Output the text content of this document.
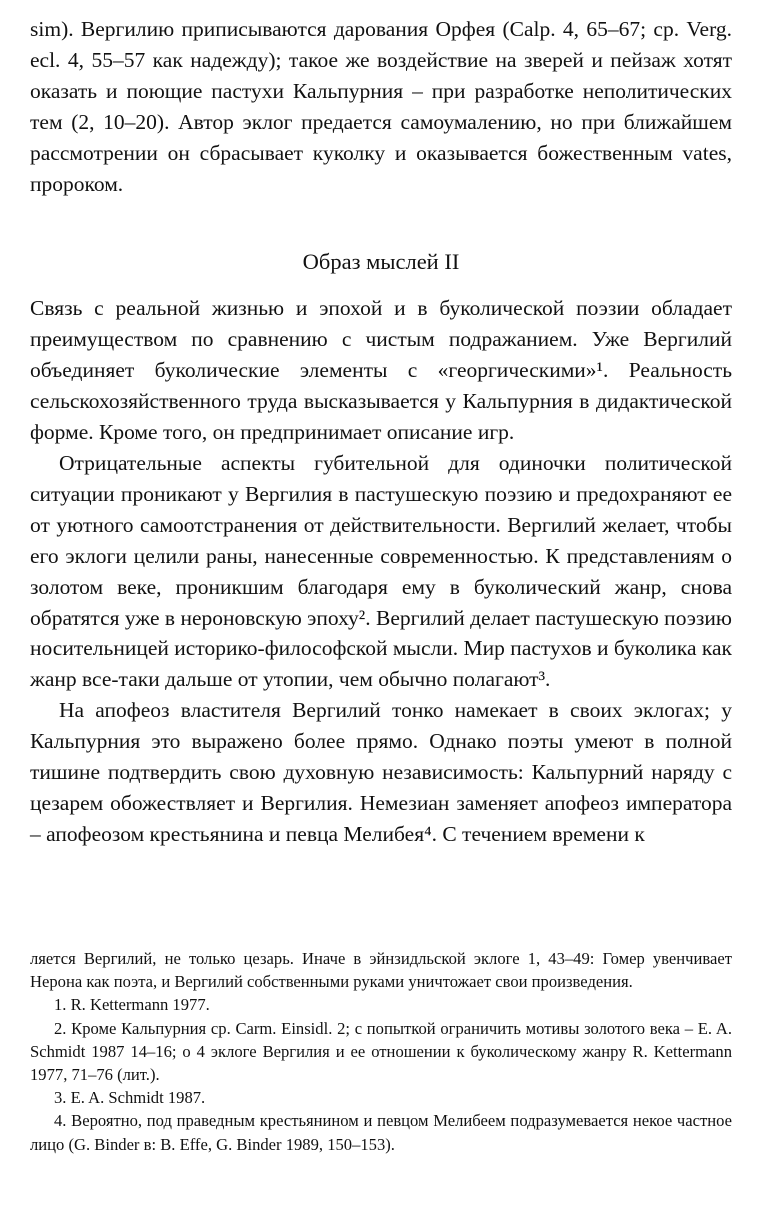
sim). Вергилию приписываются дарования Орфея (Calp. 4, 65–67; ср. Verg. ecl. 4, 55–57 как надежду); такое же воздействие на зверей и пейзаж хотят оказать и поющие пастухи Кальпурния – при разработке неполитических тем (2, 10–20). Автор эклог предается самоумалению, но при ближайшем рассмотрении он сбрасывает куколку и оказывается божественным vates, пророком.

Образ мыслей II

Связь с реальной жизнью и эпохой и в буколической поэзии обладает преимуществом по сравнению с чистым подражанием. Уже Вергилий объединяет буколические элементы с «георгическими»¹. Реальность сельскохозяйственного труда высказывается у Кальпурния в дидактической форме. Кроме того, он предпринимает описание игр.

Отрицательные аспекты губительной для одиночки политической ситуации проникают у Вергилия в пастушескую поэзию и предохраняют ее от уютного самоотстранения от действительности. Вергилий желает, чтобы его эклоги целили раны, нанесенные современностью. К представлениям о золотом веке, проникшим благодаря ему в буколический жанр, снова обратятся уже в нероновскую эпоху². Вергилий делает пастушескую поэзию носительницей историко-философской мысли. Мир пастухов и буколика как жанр все-таки дальше от утопии, чем обычно полагают³.

На апофеоз властителя Вергилий тонко намекает в своих эклогах; у Кальпурния это выражено более прямо. Однако поэты умеют в полной тишине подтвердить свою духовную независимость: Кальпурний наряду с цезарем обожествляет и Вергилия. Немезиан заменяет апофеоз императора – апофеозом крестьянина и певца Мелибея⁴. С течением времени к

ляется Вергилий, не только цезарь. Иначе в эйнзидльской эклоге 1, 43–49: Гомер увенчивает Нерона как поэта, и Вергилий собственными руками уничтожает свои произведения.

1. R. Kettermann 1977.

2. Кроме Кальпурния ср. Carm. Einsidl. 2; с попыткой ограничить мотивы золотого века – E. A. Schmidt 1987 14–16; о 4 эклоге Вергилия и ее отношении к буколическому жанру R. Kettermann 1977, 71–76 (лит.).

3. E. A. Schmidt 1987.

4. Вероятно, под праведным крестьянином и певцом Мелибеем подразумевается некое частное лицо (G. Binder в: B. Effe, G. Binder 1989, 150–153).
